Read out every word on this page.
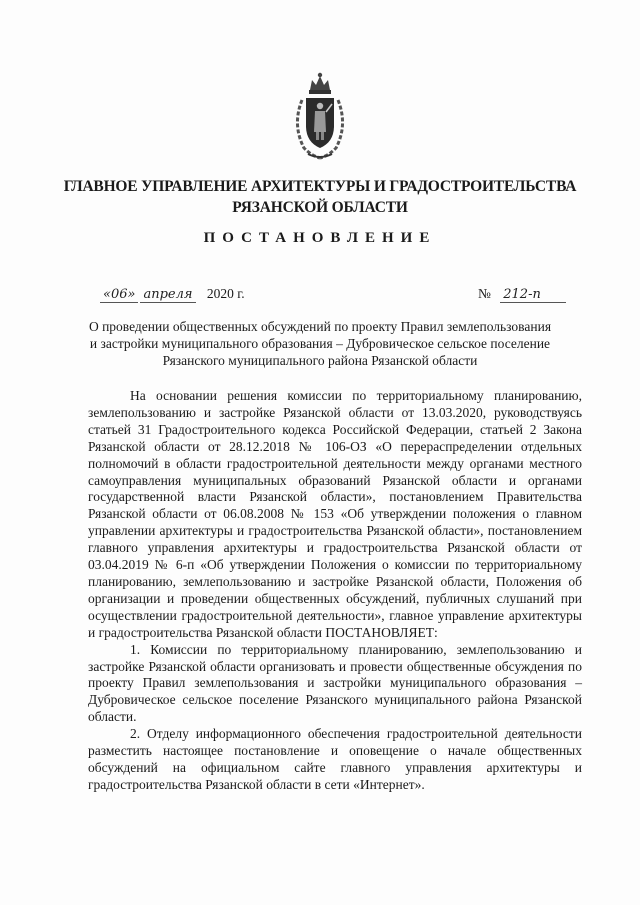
ГЛАВНОЕ УПРАВЛЕНИЕ АРХИТЕКТУРЫ И ГРАДОСТРОИТЕЛЬСТВА
РЯЗАНСКОЙ ОБЛАСТИ
ПОСТАНОВЛЕНИЕ
«06» апреля 2020 г.	№ 212-п
О проведении общественных обсуждений по проекту Правил землепользования
и застройки муниципального образования – Дубровическое сельское поселение
Рязанского муниципального района Рязанской области

На основании решения комиссии по территориальному планированию, землепользованию и застройке Рязанской области от 13.03.2020, руководствуясь статьей 31 Градостроительного кодекса Российской Федерации, статьей 2 Закона Рязанской области от 28.12.2018 № 106-ОЗ «О перераспределении отдельных полномочий в области градостроительной деятельности между органами местного самоуправления муниципальных образований Рязанской области и органами государственной власти Рязанской области», постановлением Правительства Рязанской области от 06.08.2008 № 153 «Об утверждении положения о главном управлении архитектуры и градостроительства Рязанской области», постановлением главного управления архитектуры и градостроительства Рязанской области от 03.04.2019 № 6-п «Об утверждении Положения о комиссии по территориальному планированию, землепользованию и застройке Рязанской области, Положения об организации и проведении общественных обсуждений, публичных слушаний при осуществлении градостроительной деятельности», главное управление архитектуры и градостроительства Рязанской области ПОСТАНОВЛЯЕТ:

1. Комиссии по территориальному планированию, землепользованию и застройке Рязанской области организовать и провести общественные обсуждения по проекту Правил землепользования и застройки муниципального образования – Дубровическое сельское поселение Рязанского муниципального района Рязанской области.

2. Отделу информационного обеспечения градостроительной деятельности разместить настоящее постановление и оповещение о начале общественных обсуждений на официальном сайте главного управления архитектуры и градостроительства Рязанской области в сети «Интернет».
